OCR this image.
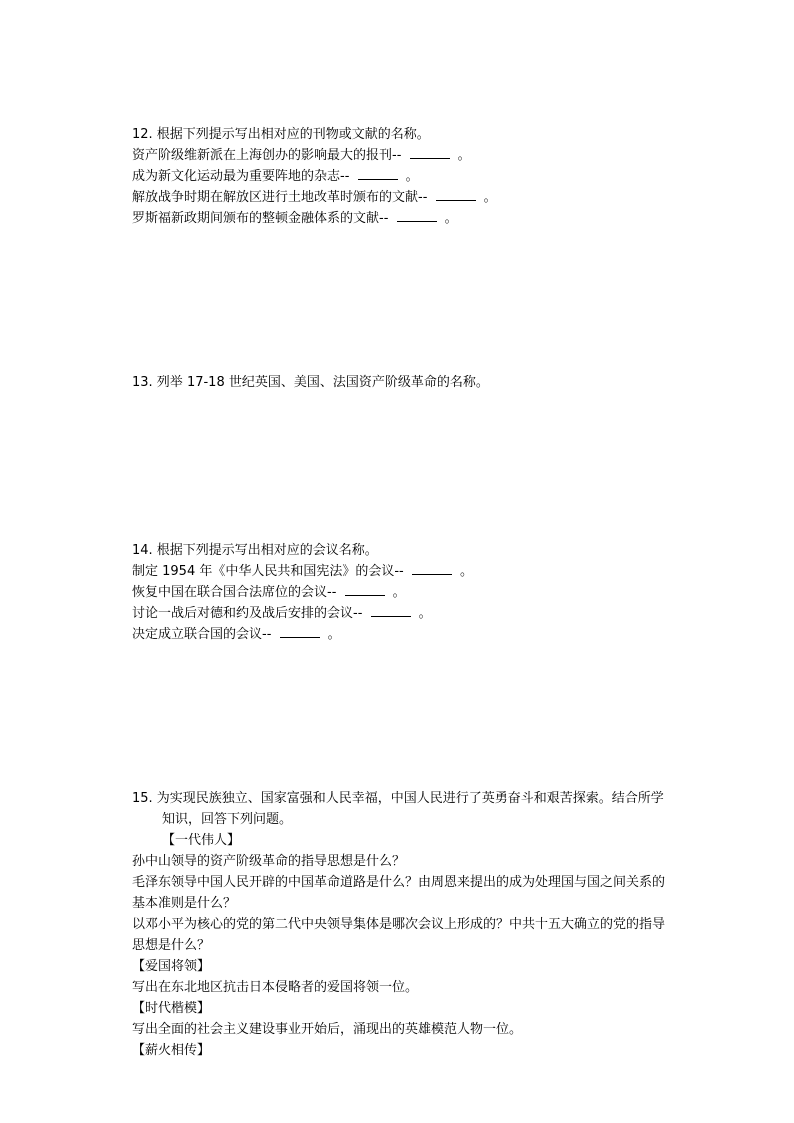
12. 根据下列提示写出相对应的刊物或文献的名称。
资产阶级维新派在上海创办的影响最大的报刊--	。
成为新文化运动最为重要阵地的杂志--	。
解放战争时期在解放区进行土地改革时颁布的文献--	。
罗斯福新政期间颁布的整顿金融体系的文献--	。
13. 列举 17-18 世纪英国、美国、法国资产阶级革命的名称。
14. 根据下列提示写出相对应的会议名称。
制定 1954 年《中华人民共和国宪法》的会议--	。
恢复中国在联合国合法席位的会议--	。
讨论一战后对德和约及战后安排的会议--	。
决定成立联合国的会议--	。
15. 为实现民族独立、国家富强和人民幸福，中国人民进行了英勇奋斗和艰苦探索。结合所学知识，回答下列问题。
【一代伟人】
孙中山领导的资产阶级革命的指导思想是什么？
毛泽东领导中国人民开辟的中国革命道路是什么？由周恩来提出的成为处理国与国之间关系的基本准则是什么？
以邓小平为核心的党的第二代中央领导集体是哪次会议上形成的？中共十五大确立的党的指导思想是什么？
【爱国将领】
写出在东北地区抗击日本侵略者的爱国将领一位。
【时代楷模】
写出全面的社会主义建设事业开始后，涌现出的英雄模范人物一位。
【薪火相传】
